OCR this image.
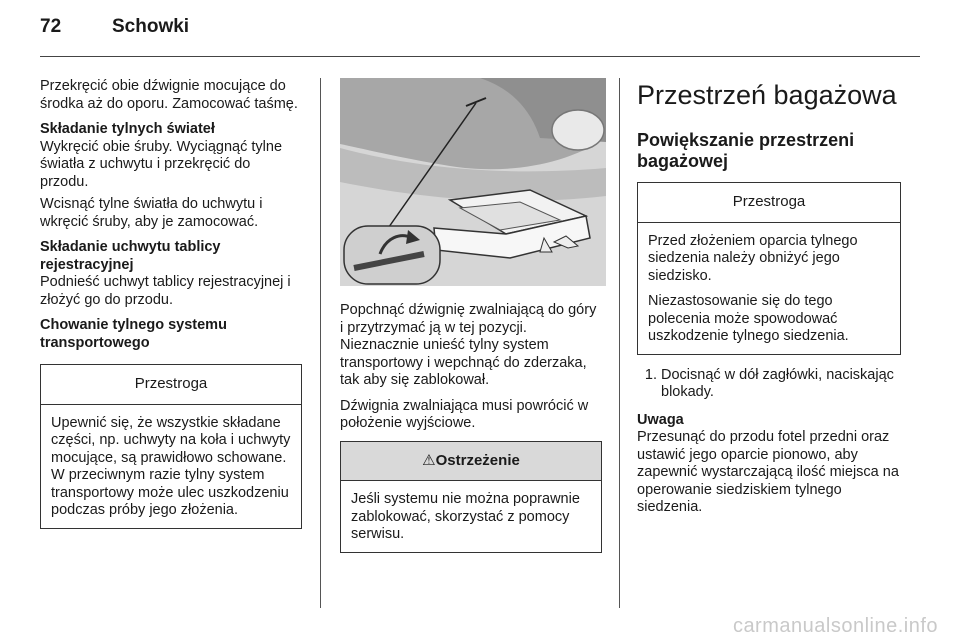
72	Schowki

Przekręcić obie dźwignie mocujące do środka aż do oporu. Zamocować taśmę.

Składanie tylnych świateł

Wykręcić obie śruby. Wyciągnąć tylne światła z uchwytu i przekręcić do przodu.

Wcisnąć tylne światła do uchwytu i wkręcić śruby, aby je zamocować.

Składanie uchwytu tablicy rejestracyjnej

Podnieść uchwyt tablicy rejestracyjnej i złożyć go do przodu.

Chowanie tylnego systemu transportowego
Przestroga

Upewnić się, że wszystkie składane części, np. uchwyty na koła i uchwyty mocujące, są prawidłowo schowane. W przeciwnym razie tylny system transportowy może ulec uszkodzeniu podczas próby jego złożenia.

Popchnąć dźwignię zwalniającą do góry i przytrzymać ją w tej pozycji. Nieznacznie unieść tylny system transportowy i wepchnąć do zderzaka, tak aby się zablokował.

Dźwignia zwalniająca musi powrócić w położenie wyjściowe.

⚠Ostrzeżenie

Jeśli systemu nie można poprawnie zablokować, skorzystać z pomocy serwisu.

Przestrzeń bagażowa
Powiększanie przestrzeni bagażowej
Przestroga

Przed złożeniem oparcia tylnego siedzenia należy obniżyć jego siedzisko.

Niezastosowanie się do tego polecenia może spowodować uszkodzenie tylnego siedzenia.

1. Docisnąć w dół zagłówki, naciskając blokady.
Uwaga

Przesunąć do przodu fotel przedni oraz ustawić jego oparcie pionowo, aby zapewnić wystarczającą ilość miejsca na operowanie siedziskiem tylnego siedzenia.

carmanualsonline.info
